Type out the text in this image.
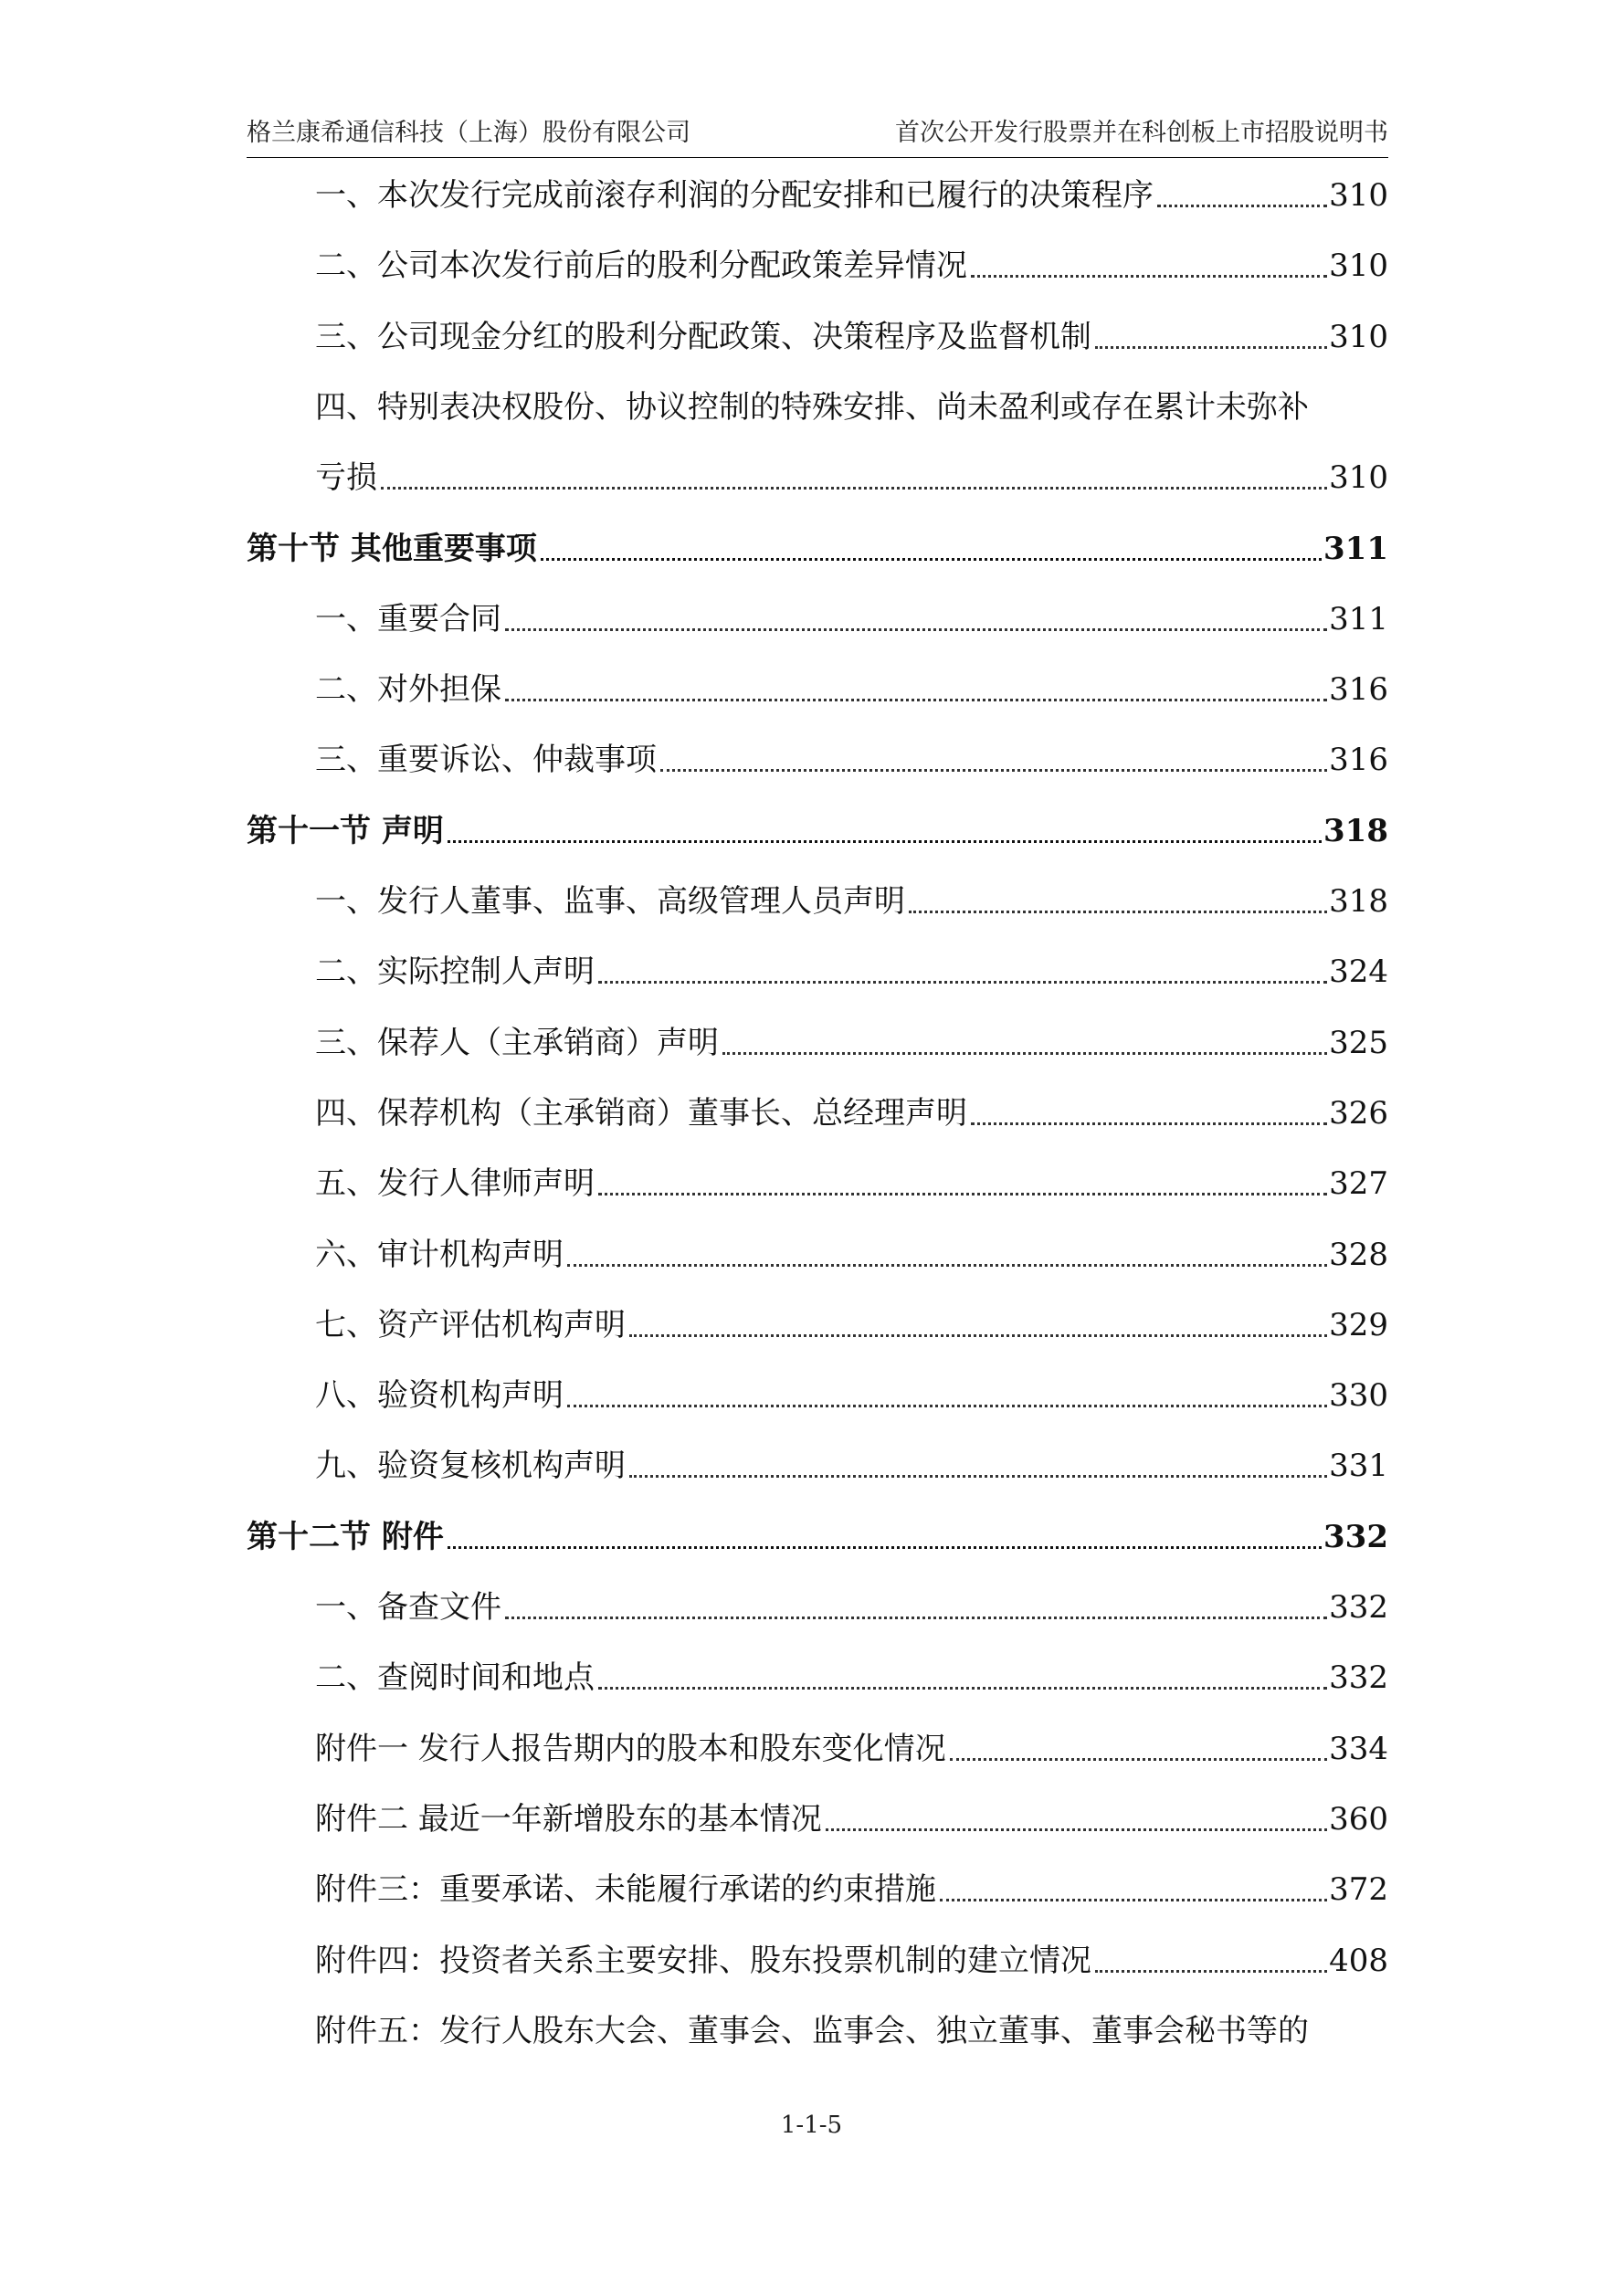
格兰康希通信科技（上海）股份有限公司	首次公开发行股票并在科创板上市招股说明书
一、本次发行完成前滚存利润的分配安排和已履行的决策程序	310
二、公司本次发行前后的股利分配政策差异情况	310
三、公司现金分红的股利分配政策、决策程序及监督机制	310
四、特别表决权股份、协议控制的特殊安排、尚未盈利或存在累计未弥补
亏损	310
第十节 其他重要事项	311
一、重要合同	311
二、对外担保	316
三、重要诉讼、仲裁事项	316
第十一节 声明	318
一、发行人董事、监事、高级管理人员声明	318
二、实际控制人声明	324
三、保荐人（主承销商）声明	325
四、保荐机构（主承销商）董事长、总经理声明	326
五、发行人律师声明	327
六、审计机构声明	328
七、资产评估机构声明	329
八、验资机构声明	330
九、验资复核机构声明	331
第十二节 附件	332
一、备查文件	332
二、查阅时间和地点	332
附件一 发行人报告期内的股本和股东变化情况	334
附件二 最近一年新增股东的基本情况	360
附件三：重要承诺、未能履行承诺的约束措施	372
附件四：投资者关系主要安排、股东投票机制的建立情况	408
附件五：发行人股东大会、董事会、监事会、独立董事、董事会秘书等的
1-1-5
